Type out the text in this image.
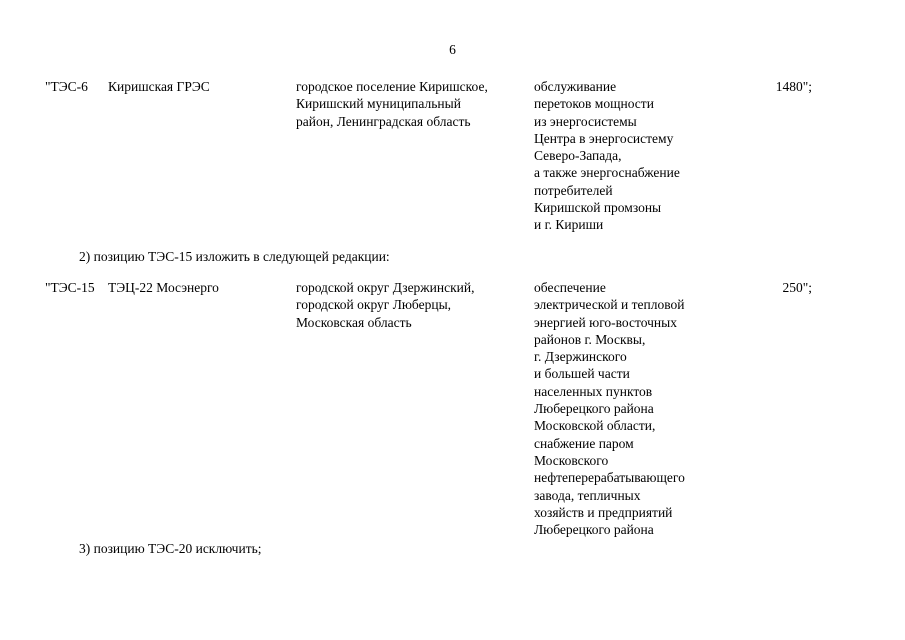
6
"ТЭС-6 Киришская ГРЭС	городское поселение Киришское,
Киришский муниципальный
район, Ленинградская область
обслуживание
перетоков мощности
из энергосистемы
Центра в энергосистему
Северо-Запада,
а также энергоснабжение
потребителей
Киришской промзоны
и г. Кириши
1480";
2) позицию ТЭС-15 изложить в следующей редакции:
"ТЭС-15 ТЭЦ-22 Мосэнерго	городской округ Дзержинский,
городской округ Люберцы,
Московская область
обеспечение
электрической и тепловой
энергией юго-восточных
районов г. Москвы,
г. Дзержинского
и большей части
населенных пунктов
Люберецкого района
Московской области,
снабжение паром
Московского
нефтеперерабатывающего
завода, тепличных
хозяйств и предприятий
Люберецкого района
250";
3) позицию ТЭС-20 исключить;
